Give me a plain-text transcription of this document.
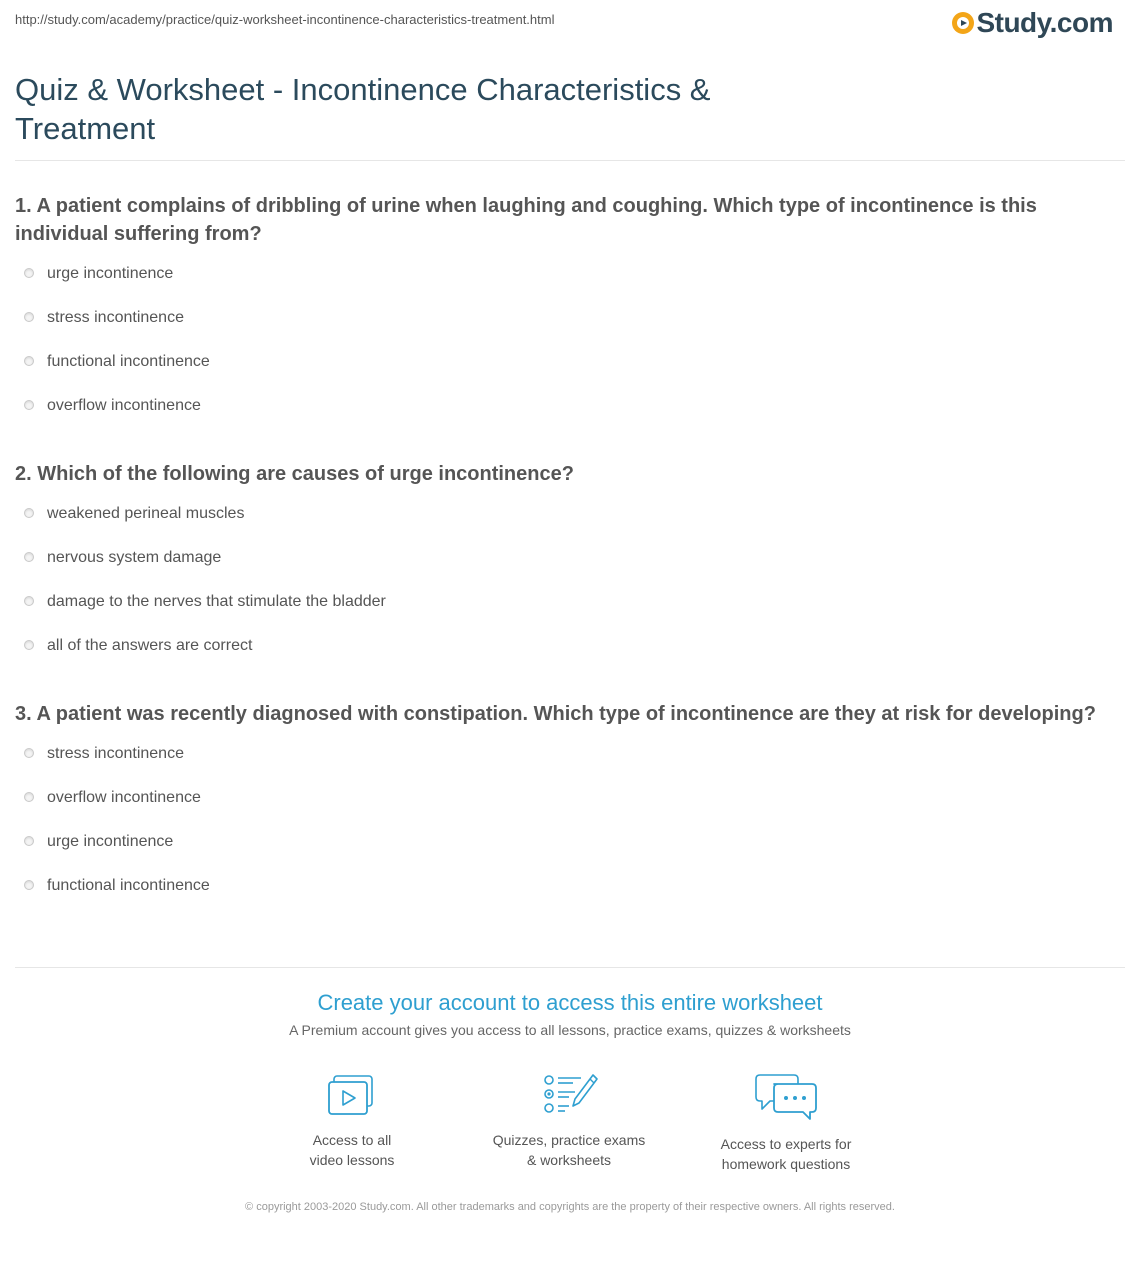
http://study.com/academy/practice/quiz-worksheet-incontinence-characteristics-treatment.html	Study.com
Quiz & Worksheet - Incontinence Characteristics & Treatment
1. A patient complains of dribbling of urine when laughing and coughing. Which type of incontinence is this individual suffering from?
urge incontinence
stress incontinence
functional incontinence
overflow incontinence
2. Which of the following are causes of urge incontinence?
weakened perineal muscles
nervous system damage
damage to the nerves that stimulate the bladder
all of the answers are correct
3. A patient was recently diagnosed with constipation. Which type of incontinence are they at risk for developing?
stress incontinence
overflow incontinence
urge incontinence
functional incontinence
Create your account to access this entire worksheet
A Premium account gives you access to all lessons, practice exams, quizzes & worksheets
Access to all
video lessons
Quizzes, practice exams
& worksheets
Access to experts for
homework questions
© copyright 2003-2020 Study.com. All other trademarks and copyrights are the property of their respective owners. All rights reserved.
